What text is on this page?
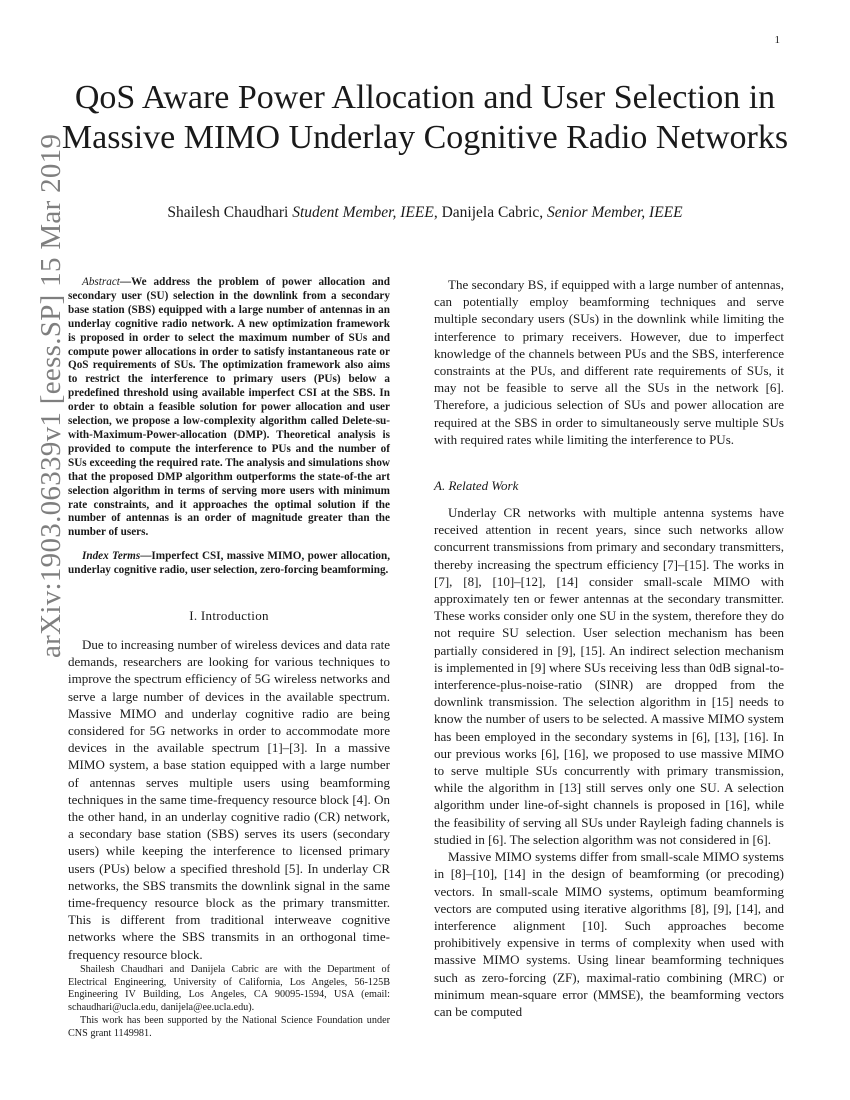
1
QoS Aware Power Allocation and User Selection in Massive MIMO Underlay Cognitive Radio Networks
Shailesh Chaudhari Student Member, IEEE, Danijela Cabric, Senior Member, IEEE
arXiv:1903.06339v1 [eess.SP] 15 Mar 2019	Abstract—We address the problem of power allocation and secondary user (SU) selection in the downlink from a secondary base station (SBS) equipped with a large number of antennas in an underlay cognitive radio network. A new optimization framework is proposed in order to select the maximum number of SUs and compute power allocations in order to satisfy instantaneous rate or QoS requirements of SUs. The optimization framework also aims to restrict the interference to primary users (PUs) below a predefined threshold using available imperfect CSI at the SBS. In order to obtain a feasible solution for power allocation and user selection, we propose a low-complexity algorithm called Delete-su-with-Maximum-Power-allocation (DMP). Theoretical analysis is provided to compute the interference to PUs and the number of SUs exceeding the required rate. The analysis and simulations show that the proposed DMP algorithm outperforms the state-of-the art selection algorithm in terms of serving more users with minimum rate constraints, and it approaches the optimal solution if the number of antennas is an order of magnitude greater than the number of users.

Index Terms—Imperfect CSI, massive MIMO, power allocation, underlay cognitive radio, user selection, zero-forcing beamforming.

I. Introduction

Due to increasing number of wireless devices and data rate demands, researchers are looking for various techniques to improve the spectrum efficiency of 5G wireless networks and serve a large number of devices in the available spectrum. Massive MIMO and underlay cognitive radio are being considered for 5G networks in order to accommodate more devices in the available spectrum [1]–[3]. In a massive MIMO system, a base station equipped with a large number of antennas serves multiple users using beamforming techniques in the same time-frequency resource block [4]. On the other hand, in an underlay cognitive radio (CR) network, a secondary base station (SBS) serves its users (secondary users) while keeping the interference to licensed primary users (PUs) below a specified threshold [5]. In underlay CR networks, the SBS transmits the downlink signal in the same time-frequency resource block as the primary transmitter. This is different from traditional interweave cognitive networks where the SBS transmits in an orthogonal time-frequency resource block.

Shailesh Chaudhari and Danijela Cabric are with the Department of Electrical Engineering, University of California, Los Angeles, 56-125B Engineering IV Building, Los Angeles, CA 90095-1594, USA (email: schaudhari@ucla.edu, danijela@ee.ucla.edu).

This work has been supported by the National Science Foundation under CNS grant 1149981.

The secondary BS, if equipped with a large number of antennas, can potentially employ beamforming techniques and serve multiple secondary users (SUs) in the downlink while limiting the interference to primary receivers. However, due to imperfect knowledge of the channels between PUs and the SBS, interference constraints at the PUs, and different rate requirements of SUs, it may not be feasible to serve all the SUs in the network [6]. Therefore, a judicious selection of SUs and power allocation are required at the SBS in order to simultaneously serve multiple SUs with required rates while limiting the interference to PUs.

A. Related Work

Underlay CR networks with multiple antenna systems have received attention in recent years, since such networks allow concurrent transmissions from primary and secondary transmitters, thereby increasing the spectrum efficiency [7]–[15]. The works in [7], [8], [10]–[12], [14] consider small-scale MIMO with approximately ten or fewer antennas at the secondary transmitter. These works consider only one SU in the system, therefore they do not require SU selection. User selection mechanism has been partially considered in [9], [15]. An indirect selection mechanism is implemented in [9] where SUs receiving less than 0dB signal-to-interference-plus-noise-ratio (SINR) are dropped from the downlink transmission. The selection algorithm in [15] needs to know the number of users to be selected. A massive MIMO system has been employed in the secondary systems in [6], [13], [16]. In our previous works [6], [16], we proposed to use massive MIMO to serve multiple SUs concurrently with primary transmission, while the algorithm in [13] still serves only one SU. A selection algorithm under line-of-sight channels is proposed in [16], while the feasibility of serving all SUs under Rayleigh fading channels is studied in [6]. The selection algorithm was not considered in [6].

Massive MIMO systems differ from small-scale MIMO systems in [8]–[10], [14] in the design of beamforming (or precoding) vectors. In small-scale MIMO systems, optimum beamforming vectors are computed using iterative algorithms [8], [9], [14], and interference alignment [10]. Such approaches become prohibitively expensive in terms of complexity when used with massive MIMO systems. Using linear beamforming techniques such as zero-forcing (ZF), maximal-ratio combining (MRC) or minimum mean-square error (MMSE), the beamforming vectors can be computed
